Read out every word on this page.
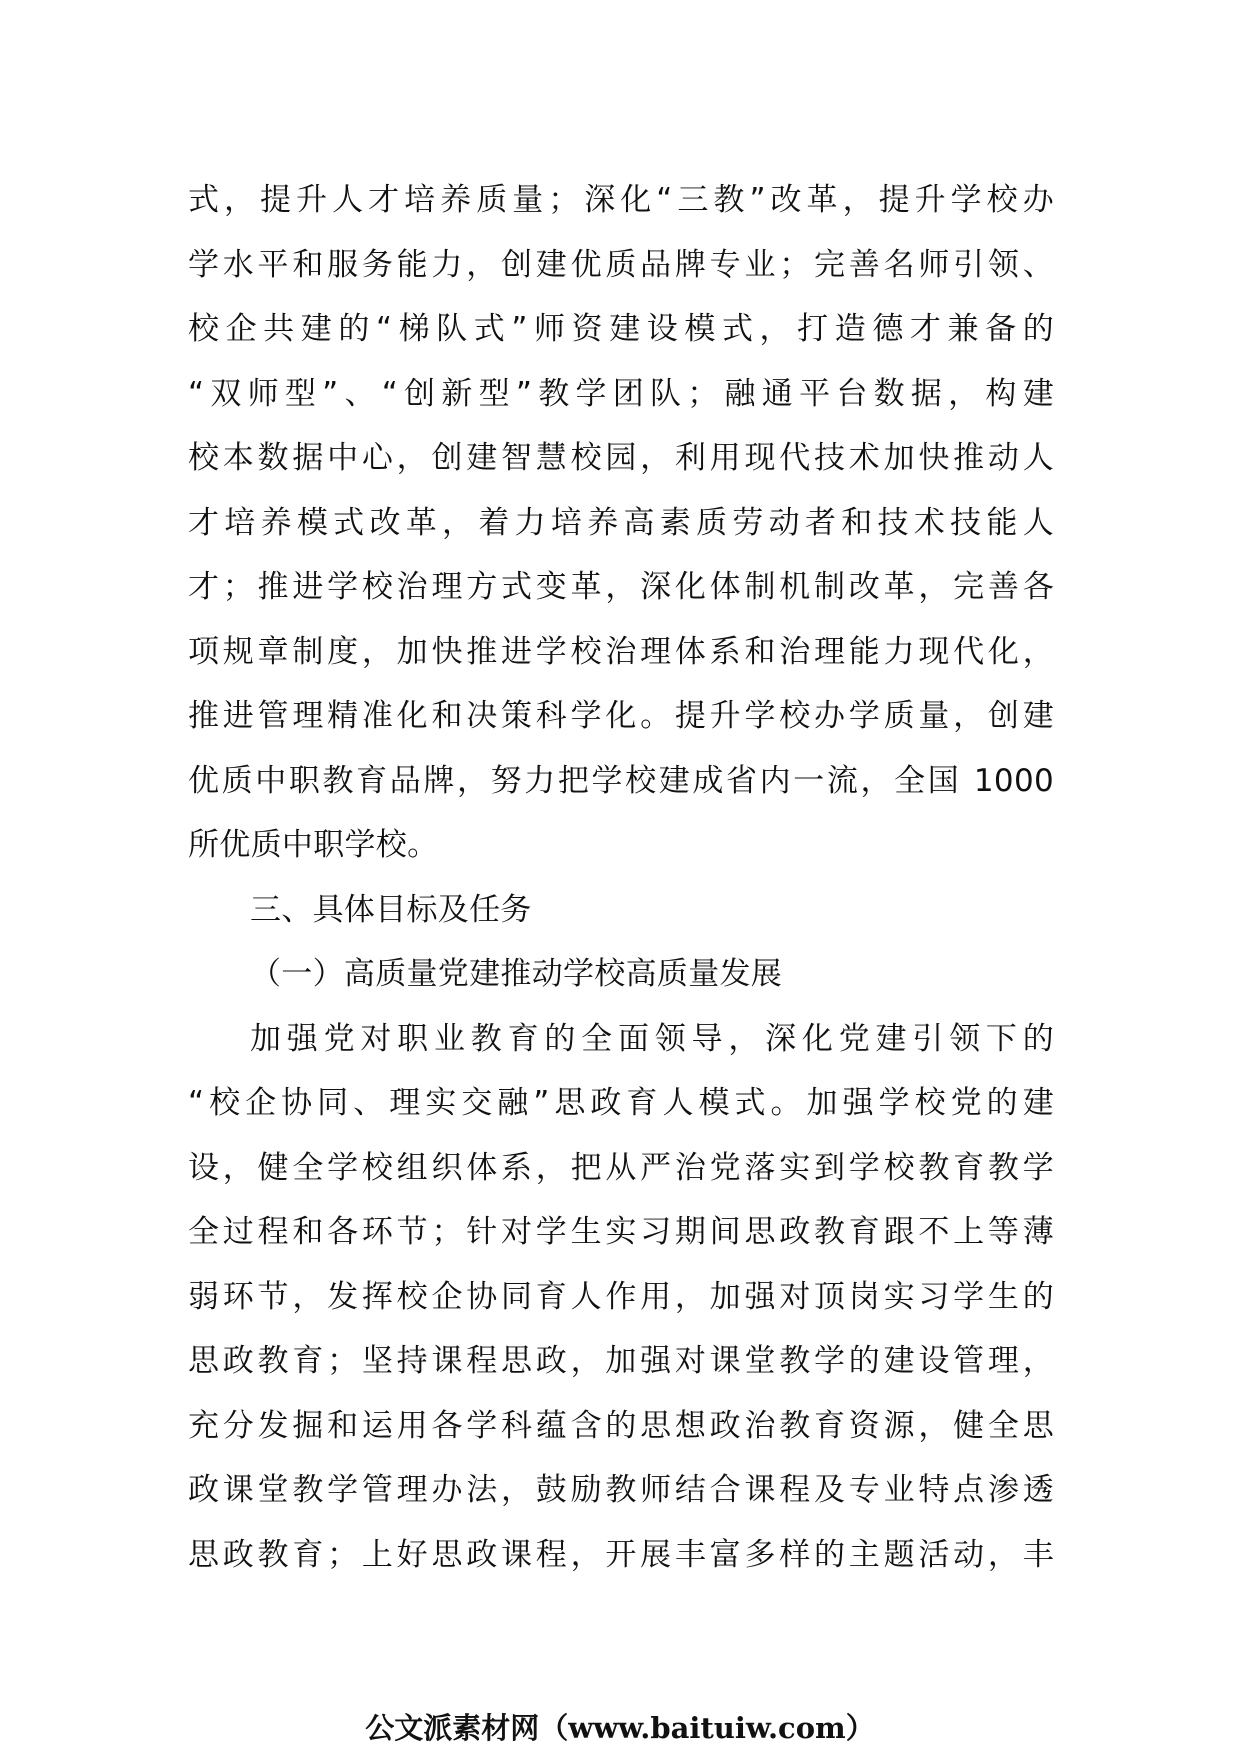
式，提升人才培养质量；深化“三教”改革，提升学校办
学水平和服务能力，创建优质品牌专业；完善名师引领、
校企共建的“梯队式”师资建设模式，打造德才兼备的
“双师型”、“创新型”教学团队；融通平台数据，构建
校本数据中心，创建智慧校园，利用现代技术加快推动人
才培养模式改革，着力培养高素质劳动者和技术技能人
才；推进学校治理方式变革，深化体制机制改革，完善各
项规章制度，加快推进学校治理体系和治理能力现代化，
推进管理精准化和决策科学化。提升学校办学质量，创建
优质中职教育品牌，努力把学校建成省内一流，全国 1000
所优质中职学校。
三、具体目标及任务
（一）高质量党建推动学校高质量发展
加强党对职业教育的全面领导，深化党建引领下的
“校企协同、理实交融”思政育人模式。加强学校党的建
设，健全学校组织体系，把从严治党落实到学校教育教学
全过程和各环节；针对学生实习期间思政教育跟不上等薄
弱环节，发挥校企协同育人作用，加强对顶岗实习学生的
思政教育；坚持课程思政，加强对课堂教学的建设管理，
充分发掘和运用各学科蕴含的思想政治教育资源，健全思
政课堂教学管理办法，鼓励教师结合课程及专业特点渗透
思政教育；上好思政课程，开展丰富多样的主题活动，丰
公文派素材网（www.baituiw.com）
